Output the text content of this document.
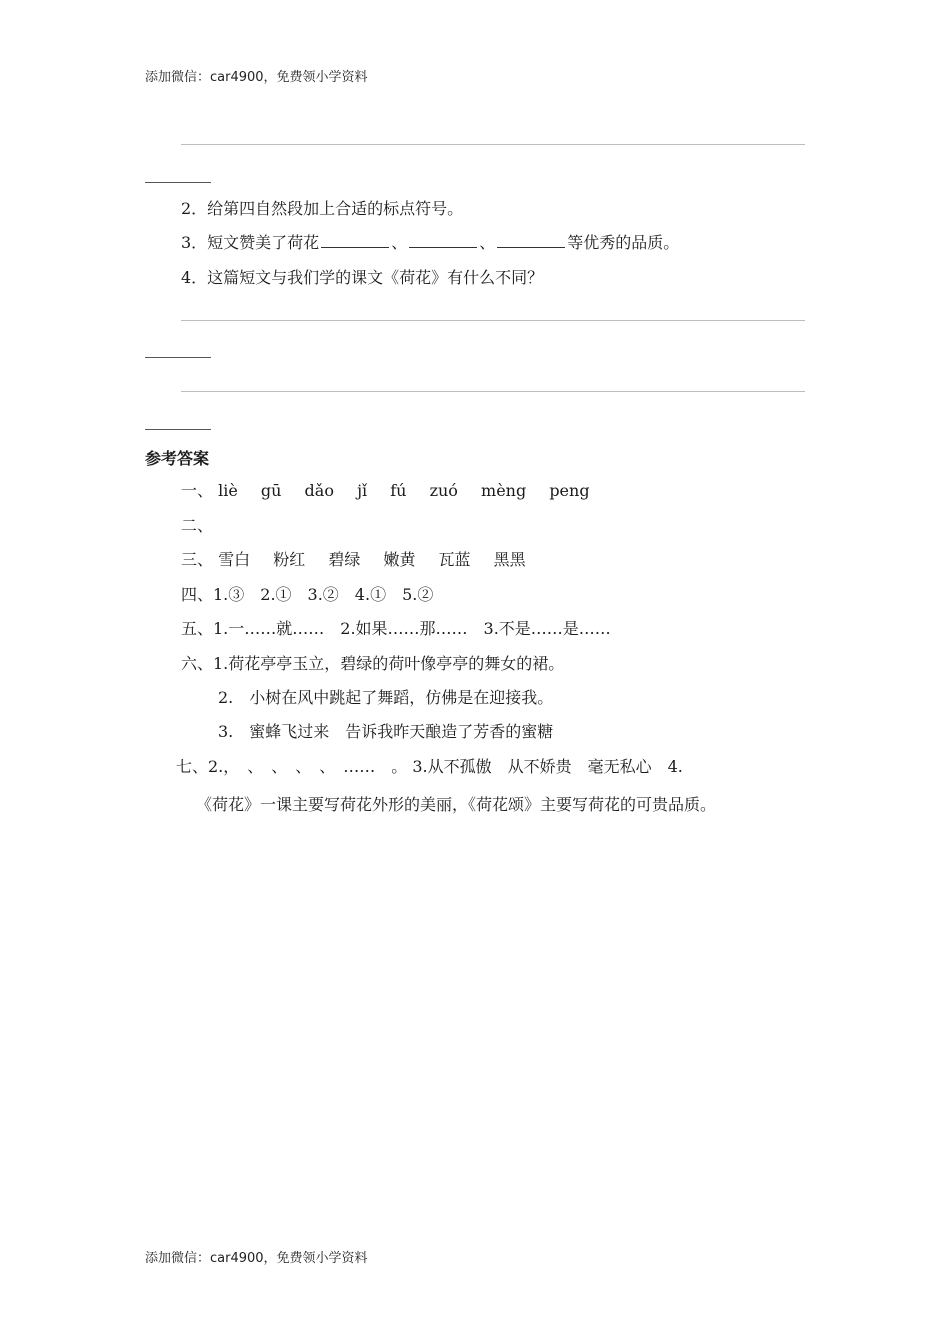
添加微信：car4900，免费领小学资料
2．给第四自然段加上合适的标点符号。
3．短文赞美了荷花	、	、	等优秀的品质。
4．这篇短文与我们学的课文《荷花》有什么不同？
参考答案
一、 liè gū dǎo jǐ fú zuó mèng peng
二、
三、 雪白 粉红 碧绿 嫩黄 瓦蓝 黑黑
四、1.③　2.①　3.②　4.①　5.②
五、1.一……就……　2.如果……那……　3.不是……是……
六、1.荷花亭亭玉立，碧绿的荷叶像亭亭的舞女的裙。
2.　小树在风中跳起了舞蹈，仿佛是在迎接我。
3.　蜜蜂飞过来　告诉我昨天酿造了芳香的蜜糖
七、2.，　、　、　、　、　……　。 3.从不孤傲　从不娇贵　毫无私心　4.
《荷花》一课主要写荷花外形的美丽，《荷花颂》主要写荷花的可贵品质。
添加微信：car4900，免费领小学资料
